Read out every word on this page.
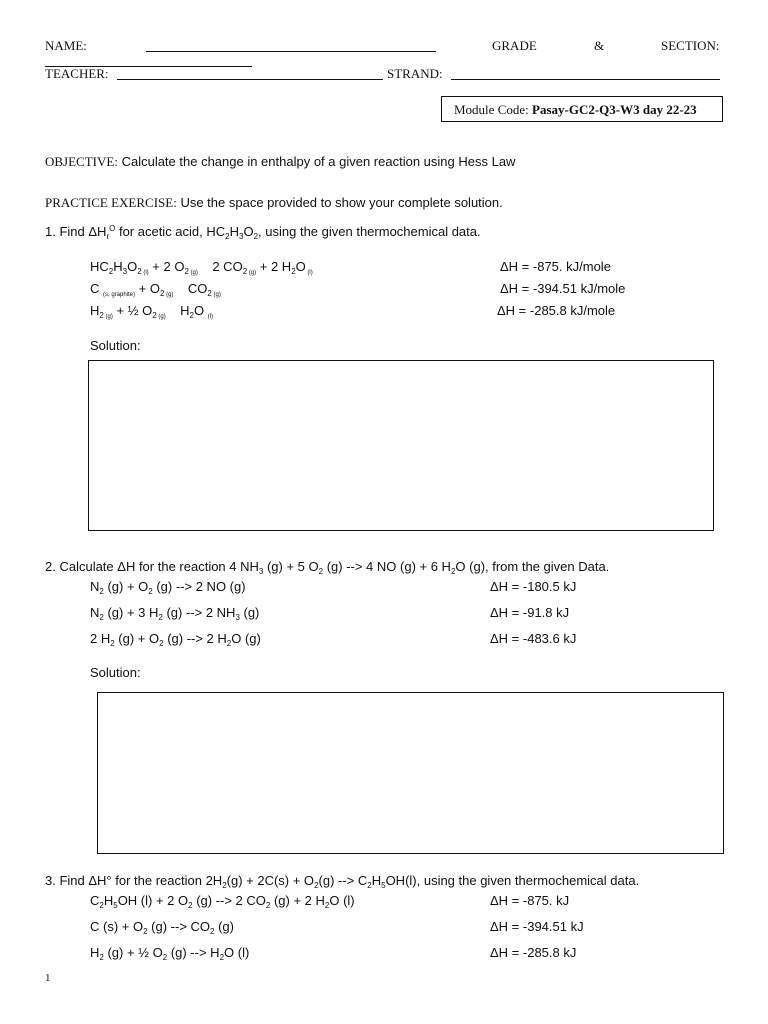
NAME:	GRADE	&	SECTION:
TEACHER:	STRAND:
Module Code: Pasay-GC2-Q3-W3 day 22-23
OBJECTIVE: Calculate the change in enthalpy of a given reaction using Hess Law
PRACTICE EXERCISE: Use the space provided to show your complete solution.
1. Find $\Delta H_r^O$ for acetic acid, $HC_2H_3O_2$, using the given thermochemical data.
$HC_2H_3O_2$ $_{(l)}$ + 2 $O_2$ $_{(g)}$    2 $CO_2$ $_{(g)}$ + 2 $H_2O$ $_{(l)}$	ΔH = -875. kJ/mole
C $_{(s, graphite)} + O_2$ $_{(g)}$    $CO_2$ $_{(g)}$	ΔH = -394.51 kJ/mole
$H_2$ $_{(g)}$ + ½ $O_2$ $_{(g)}$    $H_2O$ $_{(l)}$	ΔH = -285.8 kJ/mole
Solution:
2. Calculate ΔH for the reaction 4 $NH_3$ (g) + 5 $O_2$ (g) --> 4 NO (g) + 6 $H_2O$ (g), from the given Data.
$N_2$ $(g) + O_2$ (g) --> 2 NO (g)	ΔH = -180.5 kJ
$N_2$ (g) + 3 $H_2$ (g) --> 2 $NH_3$ (g)	ΔH = -91.8 kJ
2 $H_2$ $(g) + O_2$ (g) --> 2 $H_2O$ (g)	ΔH = -483.6 kJ
Solution:
3. Find ΔH° for the reaction $2H_2(g) + 2C(s) + O_2(g)$ --> $C_2H_5OH(l)$, using the given thermochemical data.
$C_2H_5OH$ (l) + 2 $O_2$ (g) --> 2 $CO_2$ (g) + 2 $H_2O$ (l)	ΔH = -875. kJ
C $(s) + O_2$ (g) --> $CO_2$ (g)	ΔH = -394.51 kJ
$H_2$ (g) + ½ $O_2$ (g) --> $H_2O$ (l)	ΔH = -285.8 kJ
1
